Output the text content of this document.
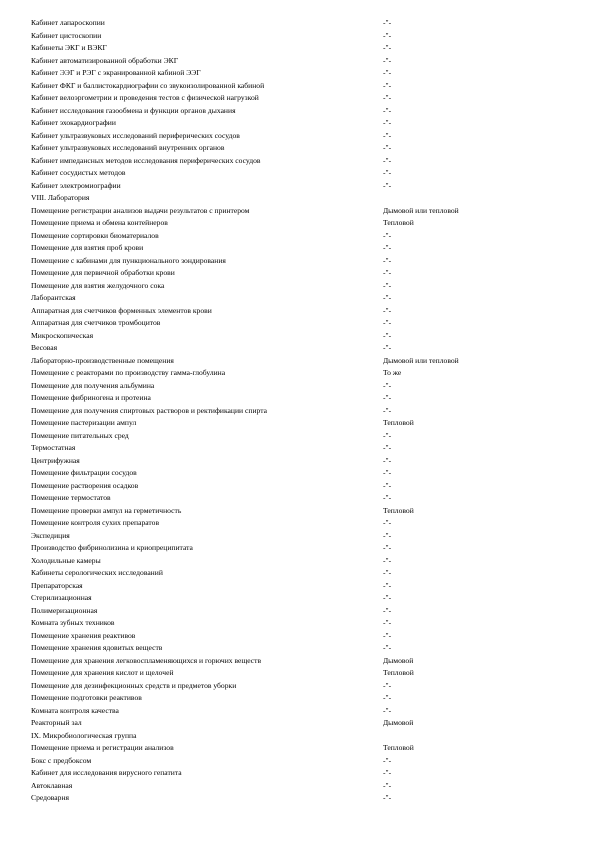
Кабинет лапароскопии	-"-
Кабинет цистоскопии	-"-
Кабинеты ЭКГ и ВЭКГ	-"-
Кабинет автоматизированной обработки ЭКГ	-"-
Кабинет ЭЭГ и РЭГ с экранированной кабиной ЭЭГ	-"-
Кабинет ФКГ и баллистокардиографии со звукоизолированной кабиной	-"-
Кабинет велоэргометрии и проведения тестов с физической нагрузкой	-"-
Кабинет исследования газообмена и функции органов дыхания	-"-
Кабинет эхокардиографии	-"-
Кабинет ультразвуковых исследований периферических сосудов	-"-
Кабинет ультразвуковых исследований внутренних органов	-"-
Кабинет импедансных методов исследования периферических сосудов	-"-
Кабинет сосудистых методов	-"-
Кабинет электромиографии	-"-
VIII. Лаборатория
Помещение регистрации анализов выдачи результатов с принтером	Дымовой или тепловой
Помещение приема и обмена контейнеров	Тепловой
Помещение сортировки биоматериалов	-"-
Помещение для взятия проб крови	-"-
Помещение с кабинами для пункционального зондирования	-"-
Помещение для первичной обработки крови	-"-
Помещение для взятия желудочного сока	-"-
Лаборантская	-"-
Аппаратная для счетчиков форменных элементов крови	-"-
Аппаратная для счетчиков тромбоцитов	-"-
Микроскопическая	-"-
Весовая	-"-
Лабораторно-производственные помещения	Дымовой или тепловой
Помещение с реакторами по производству гамма-глобулина	То же
Помещение для получения альбумина	-"-
Помещение фибриногена и протеина	-"-
Помещение для получения спиртовых растворов и ректификации спирта	-"-
Помещение пастеризации ампул	Тепловой
Помещение питательных сред	-"-
Термостатная	-"-
Центрифужная	-"-
Помещение фильтрации сосудов	-"-
Помещение растворения осадков	-"-
Помещение термостатов	-"-
Помещение проверки ампул на герметичность	Тепловой
Помещение контроля сухих препаратов	-"-
Экспедиция	-"-
Производство фибринолизина и криопреципитата	-"-
Холодильные камеры	-"-
Кабинеты серологических исследований	-"-
Препараторская	-"-
Стерилизационная	-"-
Полимеризационная	-"-
Комната зубных техников	-"-
Помещение хранения реактивов	-"-
Помещение хранения ядовитых веществ	-"-
Помещение для хранения легковоспламеняющихся и горючих веществ	Дымовой
Помещение для хранения кислот и щелочей	Тепловой
Помещение для дезинфекционных средств и предметов уборки	-"-
Помещение подготовки реактивов	-"-
Комната контроля качества	-"-
Реакторный зал	Дымовой
IX. Микробиологическая группа
Помещение приема и регистрации анализов	Тепловой
Бокс с предбоксом	-"-
Кабинет для исследования вирусного гепатита	-"-
Автоклавная	-"-
Средоварня	-"-
